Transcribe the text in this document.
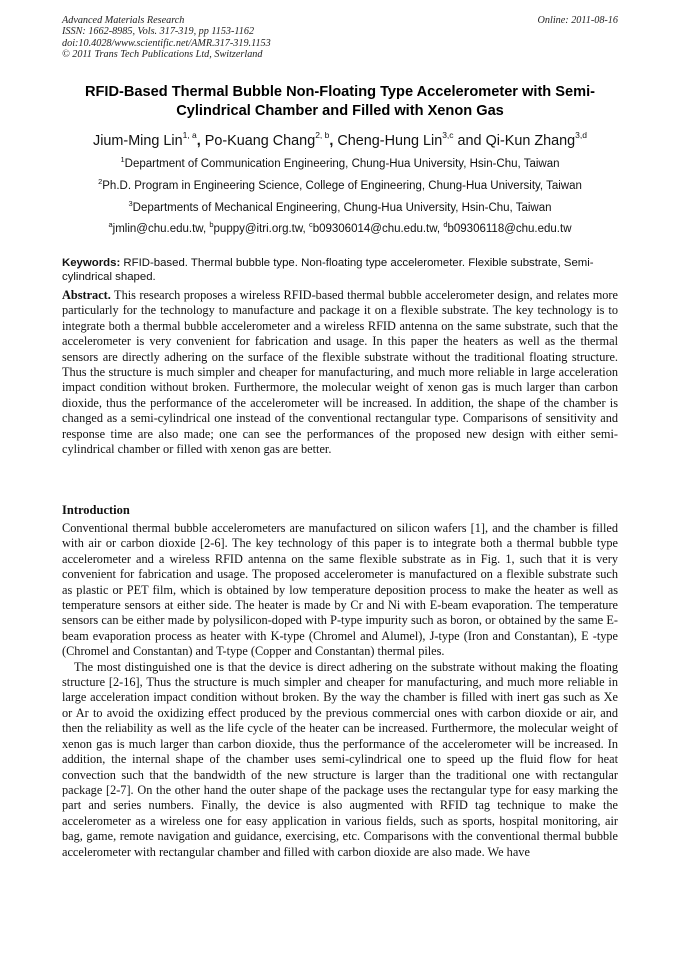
Advanced Materials Research
ISSN: 1662-8985, Vols. 317-319, pp 1153-1162
doi:10.4028/www.scientific.net/AMR.317-319.1153
© 2011 Trans Tech Publications Ltd, Switzerland
Online: 2011-08-16
RFID-Based Thermal Bubble Non-Floating Type Accelerometer with Semi-Cylindrical Chamber and Filled with Xenon Gas
Jium-Ming Lin$^{1, a}$, Po-Kuang Chang$^{2, b}$, Cheng-Hung Lin$^{3,c}$ and Qi-Kun Zhang$^{3,d}$
$^1$Department of Communication Engineering, Chung-Hua University, Hsin-Chu, Taiwan
$^2$Ph.D. Program in Engineering Science, College of Engineering, Chung-Hua University, Taiwan
$^3$Departments of Mechanical Engineering, Chung-Hua University, Hsin-Chu, Taiwan
$^a$jmlin@chu.edu.tw, $^b$puppy@itri.org.tw, $^c$b09306014@chu.edu.tw, $^d$b09306118@chu.edu.tw
Keywords: RFID-based. Thermal bubble type. Non-floating type accelerometer. Flexible substrate, Semi-cylindrical shaped.
Abstract. This research proposes a wireless RFID-based thermal bubble accelerometer design, and relates more particularly for the technology to manufacture and package it on a flexible substrate. The key technology is to integrate both a thermal bubble accelerometer and a wireless RFID antenna on the same substrate, such that the accelerometer is very convenient for fabrication and usage. In this paper the heaters as well as the thermal sensors are directly adhering on the surface of the flexible substrate without the traditional floating structure. Thus the structure is much simpler and cheaper for manufacturing, and much more reliable in large acceleration impact condition without broken. Furthermore, the molecular weight of xenon gas is much larger than carbon dioxide, thus the performance of the accelerometer will be increased. In addition, the shape of the chamber is changed as a semi-cylindrical one instead of the conventional rectangular type. Comparisons of sensitivity and response time are also made; one can see the performances of the proposed new design with either semi-cylindrical chamber or filled with xenon gas are better.
Introduction
Conventional thermal bubble accelerometers are manufactured on silicon wafers [1], and the chamber is filled with air or carbon dioxide [2-6]. The key technology of this paper is to integrate both a thermal bubble type accelerometer and a wireless RFID antenna on the same flexible substrate as in Fig. 1, such that it is very convenient for fabrication and usage. The proposed accelerometer is manufactured on a flexible substrate such as plastic or PET film, which is obtained by low temperature deposition process to make the heater as well as temperature sensors at either side. The heater is made by Cr and Ni with E-beam evaporation. The temperature sensors can be either made by polysilicon-doped with P-type impurity such as boron, or obtained by the same E-beam evaporation process as heater with K-type (Chromel and Alumel), J-type (Iron and Constantan), E -type (Chromel and Constantan) and T-type (Copper and Constantan) thermal piles.
The most distinguished one is that the device is direct adhering on the substrate without making the floating structure [2-16], Thus the structure is much simpler and cheaper for manufacturing, and much more reliable in large acceleration impact condition without broken. By the way the chamber is filled with inert gas such as Xe or Ar to avoid the oxidizing effect produced by the previous commercial ones with carbon dioxide or air, and then the reliability as well as the life cycle of the heater can be increased. Furthermore, the molecular weight of xenon gas is much larger than carbon dioxide, thus the performance of the accelerometer will be increased. In addition, the internal shape of the chamber uses semi-cylindrical one to speed up the fluid flow for heat convection such that the bandwidth of the new structure is larger than the traditional one with rectangular package [2-7]. On the other hand the outer shape of the package uses the rectangular type for easy marking the part and series numbers. Finally, the device is also augmented with RFID tag technique to make the accelerometer as a wireless one for easy application in various fields, such as sports, hospital monitoring, air bag, game, remote navigation and guidance, exercising, etc. Comparisons with the conventional thermal bubble accelerometer with rectangular chamber and filled with carbon dioxide are also made. We have
